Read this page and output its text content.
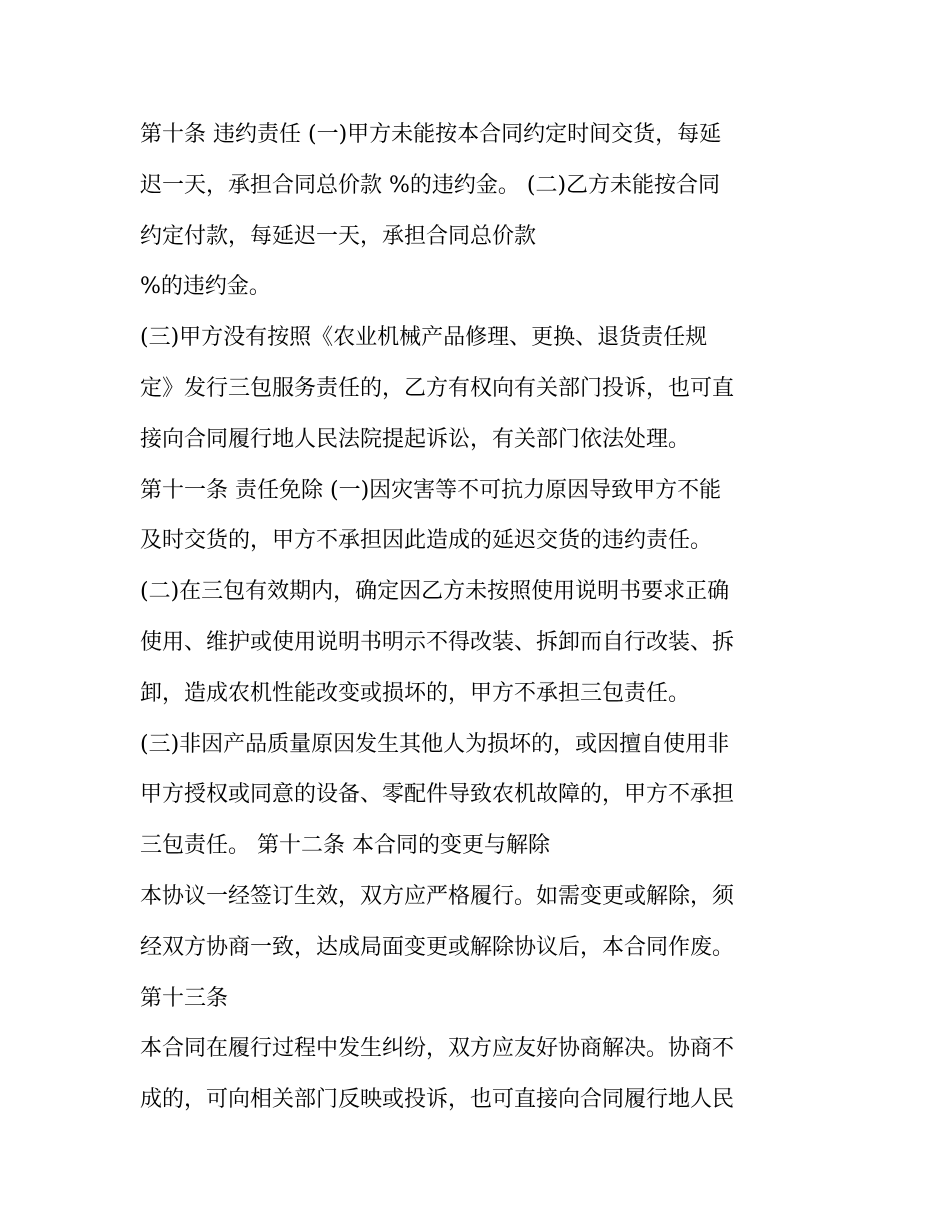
第十条 违约责任 (一)甲方未能按本合同约定时间交货，每延
迟一天，承担合同总价款 %的违约金。 (二)乙方未能按合同
约定付款，每延迟一天，承担合同总价款
%的违约金。
(三)甲方没有按照《农业机械产品修理、更换、退货责任规
定》发行三包服务责任的，乙方有权向有关部门投诉，也可直
接向合同履行地人民法院提起诉讼，有关部门依法处理。
第十一条 责任免除 (一)因灾害等不可抗力原因导致甲方不能
及时交货的，甲方不承担因此造成的延迟交货的违约责任。
(二)在三包有效期内，确定因乙方未按照使用说明书要求正确
使用、维护或使用说明书明示不得改装、拆卸而自行改装、拆
卸，造成农机性能改变或损坏的，甲方不承担三包责任。
(三)非因产品质量原因发生其他人为损坏的，或因擅自使用非
甲方授权或同意的设备、零配件导致农机故障的，甲方不承担
三包责任。 第十二条 本合同的变更与解除
本协议一经签订生效，双方应严格履行。如需变更或解除，须
经双方协商一致，达成局面变更或解除协议后，本合同作废。
第十三条
本合同在履行过程中发生纠纷，双方应友好协商解决。协商不
成的，可向相关部门反映或投诉，也可直接向合同履行地人民
